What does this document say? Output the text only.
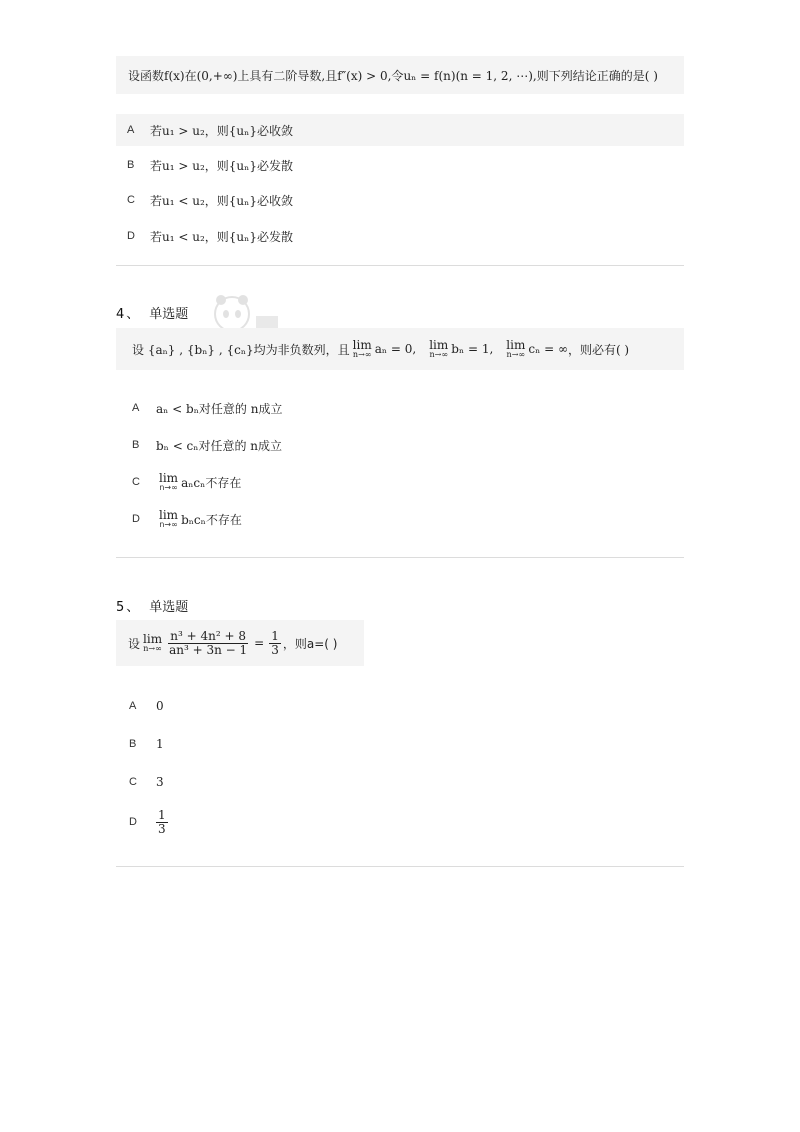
设函数f(x)在(0,+∞)上具有二阶导数,且f″(x) > 0,令uₙ = f(n)(n = 1, 2, ⋯),则下列结论正确的是( )
A	若u₁ > u₂，则{uₙ}必收敛
B	若u₁ > u₂，则{uₙ}必发散
C	若u₁ < u₂，则{uₙ}必收敛
D	若u₁ < u₂，则{uₙ}必发散
4 、 单选题
设 {aₙ} , {bₙ} , {cₙ}均为非负数列，且 lim
n→∞ aₙ = 0, lim
n→∞ bₙ = 1, lim
n→∞ cₙ = ∞ ，则必有( )
A	aₙ < bₙ对任意的 n成立
B	bₙ < cₙ对任意的 n成立
C	lim
n→∞ aₙcₙ不存在
D	lim
n→∞ bₙcₙ不存在
5 、 单选题
设 lim
$n\to\infty \frac{\text{n³ + 4n² + 8}}{\text{an³ + 3n − 1}} = \frac{1}{3}$ ，则a=( )
A	0
B	1
C	3
D	$\frac{1}{3}$
